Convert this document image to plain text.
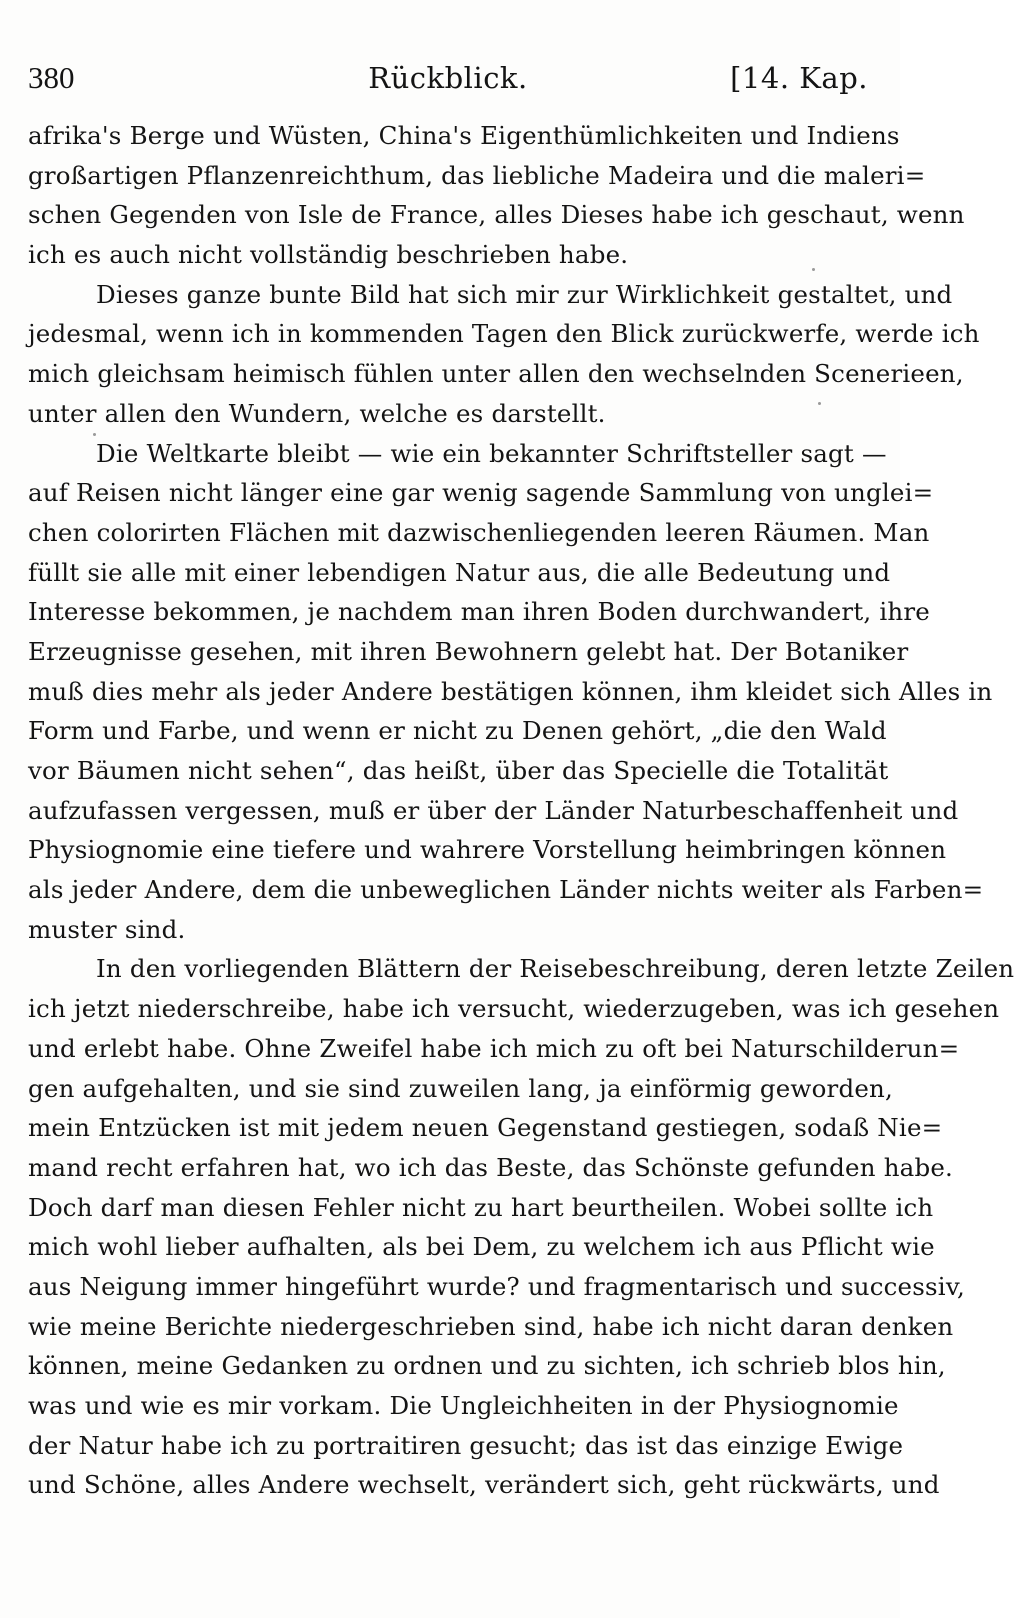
380	Rückblick.	[14. Kap.
afrika's Berge und Wüsten, China's Eigenthümlichkeiten und Indiens
großartigen Pflanzenreichthum, das liebliche Madeira und die maleri=
schen Gegenden von Isle de France, alles Dieses habe ich geschaut, wenn
ich es auch nicht vollständig beschrieben habe.
Dieses ganze bunte Bild hat sich mir zur Wirklichkeit gestaltet, und
jedesmal, wenn ich in kommenden Tagen den Blick zurückwerfe, werde ich
mich gleichsam heimisch fühlen unter allen den wechselnden Scenerieen,
unter allen den Wundern, welche es darstellt.
Die Weltkarte bleibt — wie ein bekannter Schriftsteller sagt —
auf Reisen nicht länger eine gar wenig sagende Sammlung von unglei=
chen colorirten Flächen mit dazwischenliegenden leeren Räumen. Man
füllt sie alle mit einer lebendigen Natur aus, die alle Bedeutung und
Interesse bekommen, je nachdem man ihren Boden durchwandert, ihre
Erzeugnisse gesehen, mit ihren Bewohnern gelebt hat. Der Botaniker
muß dies mehr als jeder Andere bestätigen können, ihm kleidet sich Alles in
Form und Farbe, und wenn er nicht zu Denen gehört, „die den Wald
vor Bäumen nicht sehen“, das heißt, über das Specielle die Totalität
aufzufassen vergessen, muß er über der Länder Naturbeschaffenheit und
Physiognomie eine tiefere und wahrere Vorstellung heimbringen können
als jeder Andere, dem die unbeweglichen Länder nichts weiter als Farben=
muster sind.
In den vorliegenden Blättern der Reisebeschreibung, deren letzte Zeilen
ich jetzt niederschreibe, habe ich versucht, wiederzugeben, was ich gesehen
und erlebt habe. Ohne Zweifel habe ich mich zu oft bei Naturschilderun=
gen aufgehalten, und sie sind zuweilen lang, ja einförmig geworden,
mein Entzücken ist mit jedem neuen Gegenstand gestiegen, sodaß Nie=
mand recht erfahren hat, wo ich das Beste, das Schönste gefunden habe.
Doch darf man diesen Fehler nicht zu hart beurtheilen. Wobei sollte ich
mich wohl lieber aufhalten, als bei Dem, zu welchem ich aus Pflicht wie
aus Neigung immer hingeführt wurde? und fragmentarisch und successiv,
wie meine Berichte niedergeschrieben sind, habe ich nicht daran denken
können, meine Gedanken zu ordnen und zu sichten, ich schrieb blos hin,
was und wie es mir vorkam. Die Ungleichheiten in der Physiognomie
der Natur habe ich zu portraitiren gesucht; das ist das einzige Ewige
und Schöne, alles Andere wechselt, verändert sich, geht rückwärts, und
